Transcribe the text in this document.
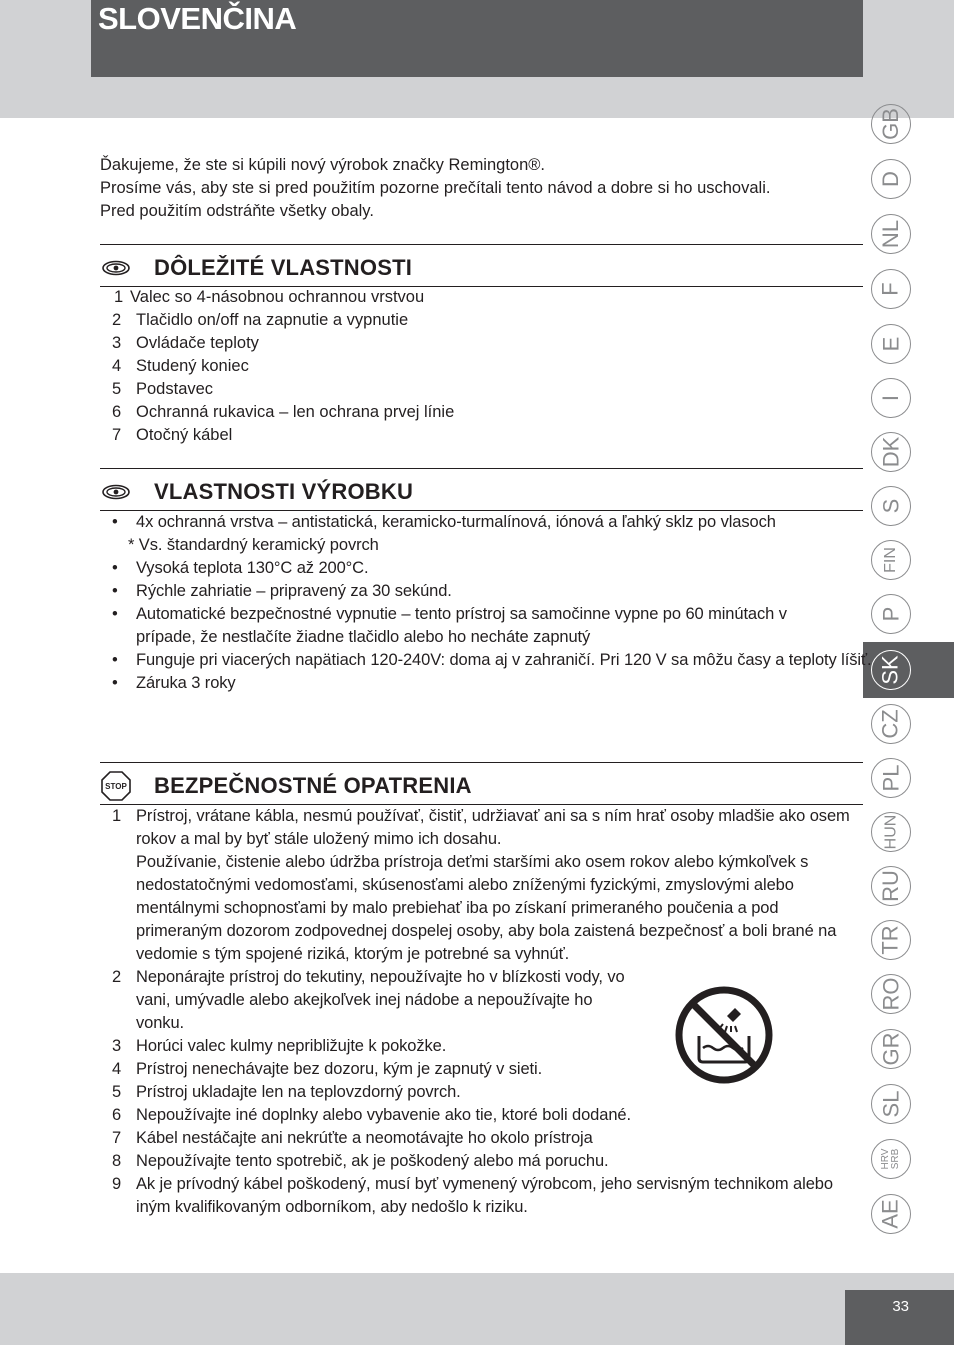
SLOVENČINA
GB
D
NL
F
E
I
DK
S
FIN
P
SK
CZ
PL
HUN
RU
TR
RO
GR
SL
HRV SRB
AE

Ďakujeme, že ste si kúpili nový výrobok značky Remington®.

Prosíme vás, aby ste si pred použitím pozorne prečítali tento návod a dobre si ho uschovali.

Pred použitím odstráňte všetky obaly.

DÔLEŽITÉ VLASTNOSTI
1 Valec so 4-násobnou ochrannou vrstvou
2 Tlačidlo on/off na zapnutie a vypnutie
3 Ovládače teploty
4 Studený koniec
5 Podstavec
6 Ochranná rukavica – len ochrana prvej línie
7 Otočný kábel
VLASTNOSTI VÝROBKU
• 4x ochranná vrstva – antistatická, keramicko-turmalínová, iónová a ľahký sklz po vlasoch
* Vs. štandardný keramický povrch
• Vysoká teplota 130°C až 200°C.
• Rýchle zahriatie – pripravený za 30 sekúnd.
• Automatické bezpečnostné vypnutie – tento prístroj sa samočinne vypne po 60 minútach v prípade, že nestlačíte žiadne tlačidlo alebo ho necháte zapnutý
• Funguje pri viacerých napätiach 120-240V: doma aj v zahraničí. Pri 120 V sa môžu časy a teploty líšiť.
• Záruka 3 roky
STOP BEZPEČNOSTNÉ OPATRENIA
1 Prístroj, vrátane kábla, nesmú používať, čistiť, udržiavať ani sa s ním hrať osoby mladšie ako osem rokov a mal by byť stále uložený mimo ich dosahu.
Používanie, čistenie alebo údržba prístroja deťmi staršími ako osem rokov alebo kýmkoľvek s nedostatočnými vedomosťami, skúsenosťami alebo zníženými fyzickými, zmyslovými alebo mentálnymi schopnosťami by malo prebiehať iba po získaní primeraného poučenia a pod primeraným dozorom zodpovednej dospelej osoby, aby bola zaistená bezpečnosť a boli brané na vedomie s tým spojené riziká, ktorým je potrebné sa vyhnúť.
2 Neponárajte prístroj do tekutiny, nepoužívajte ho v blízkosti vody, vo vani, umývadle alebo akejkoľvek inej nádobe a nepoužívajte ho vonku.
3 Horúci valec kulmy nepribližujte k pokožke.
4 Prístroj nenechávajte bez dozoru, kým je zapnutý v sieti.
5 Prístroj ukladajte len na teplovzdorný povrch.
6 Nepoužívajte iné doplnky alebo vybavenie ako tie, ktoré boli dodané.
7 Kábel nestáčajte ani nekrúťte a neomotávajte ho okolo prístroja
8 Nepoužívajte tento spotrebič, ak je poškodený alebo má poruchu.
9 Ak je prívodný kábel poškodený, musí byť vymenený výrobcom, jeho servisným technikom alebo iným kvalifikovaným odborníkom, aby nedošlo k riziku.
33
